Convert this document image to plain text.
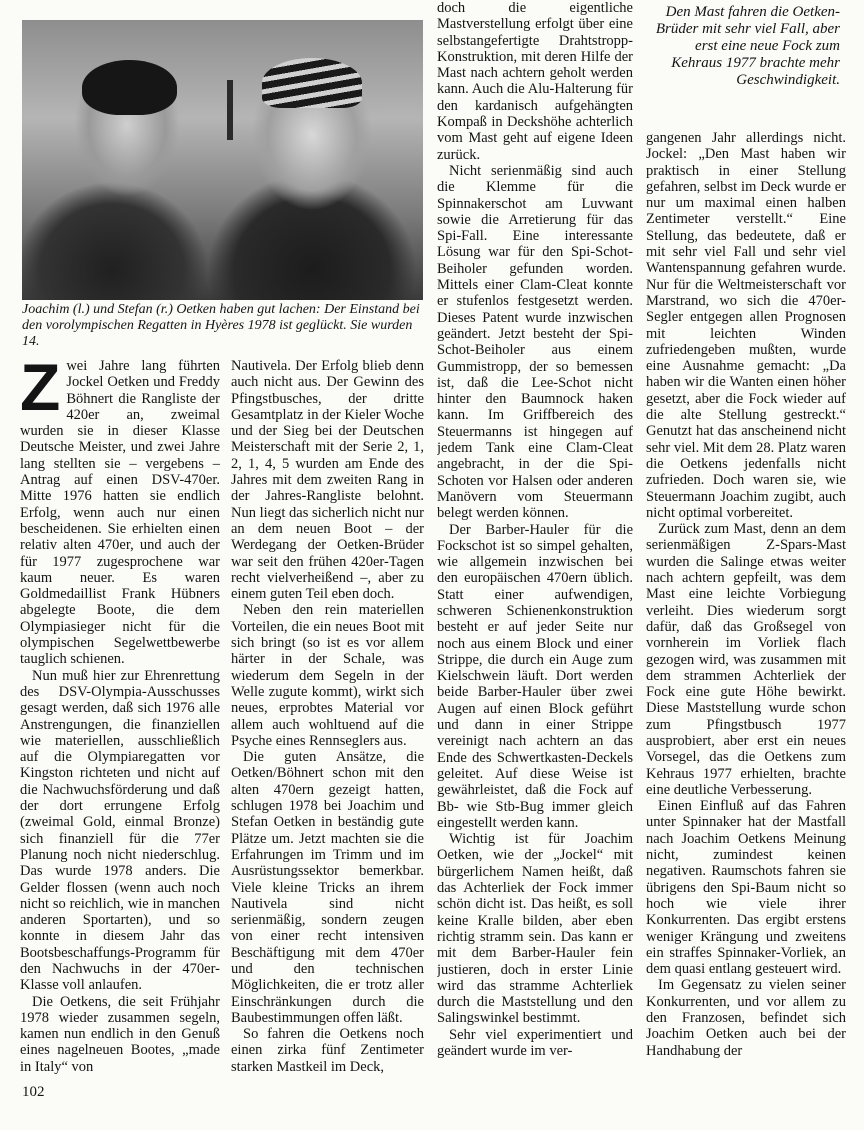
Joachim (l.) und Stefan (r.) Oetken haben gut lachen: Der Einstand bei den vorolympischen Regatten in Hyères 1978 ist geglückt. Sie wurden 14.

Den Mast fahren die Oetken-Brüder mit sehr viel Fall, aber erst eine neue Fock zum Kehraus 1977 brachte mehr Geschwindigkeit.

Z wei Jahre lang führten Jockel Oetken und Freddy Böhnert die Rangliste der 420er an, zweimal wurden sie in dieser Klasse Deutsche Meister, und zwei Jahre lang stellten sie – vergebens – Antrag auf einen DSV-470er. Mitte 1976 hatten sie endlich Erfolg, wenn auch nur einen bescheidenen. Sie erhielten einen relativ alten 470er, und auch der für 1977 zugesprochene war kaum neuer. Es waren Goldmedaillist Frank Hübners abgelegte Boote, die dem Olympiasieger nicht für die olympischen Segelwettbewerbe tauglich schienen.

Nun muß hier zur Ehrenrettung des DSV-Olympia-Ausschusses gesagt werden, daß sich 1976 alle Anstrengungen, die finanziellen wie materiellen, ausschließlich auf die Olympiaregatten vor Kingston richteten und nicht auf die Nachwuchsförderung und daß der dort errungene Erfolg (zweimal Gold, einmal Bronze) sich finanziell für die 77er Planung noch nicht niederschlug. Das wurde 1978 anders. Die Gelder flossen (wenn auch noch nicht so reichlich, wie in manchen anderen Sportarten), und so konnte in diesem Jahr das Bootsbeschaffungs-Programm für den Nachwuchs in der 470er-Klasse voll anlaufen.

Die Oetkens, die seit Frühjahr 1978 wieder zusammen segeln, kamen nun endlich in den Genuß eines nagelneuen Bootes, „made in Italy“ von

Nautivela. Der Erfolg blieb denn auch nicht aus. Der Gewinn des Pfingstbusches, der dritte Gesamtplatz in der Kieler Woche und der Sieg bei der Deutschen Meisterschaft mit der Serie 2, 1, 2, 1, 4, 5 wurden am Ende des Jahres mit dem zweiten Rang in der Jahres-Rangliste belohnt. Nun liegt das sicherlich nicht nur an dem neuen Boot – der Werdegang der Oetken-Brüder war seit den frühen 420er-Tagen recht vielverheißend –, aber zu einem guten Teil eben doch.

Neben den rein materiellen Vorteilen, die ein neues Boot mit sich bringt (so ist es vor allem härter in der Schale, was wiederum dem Segeln in der Welle zugute kommt), wirkt sich neues, erprobtes Material vor allem auch wohltuend auf die Psyche eines Rennseglers aus.

Die guten Ansätze, die Oetken/Böhnert schon mit den alten 470ern gezeigt hatten, schlugen 1978 bei Joachim und Stefan Oetken in beständig gute Plätze um. Jetzt machten sie die Erfahrungen im Trimm und im Ausrüstungssektor bemerkbar. Viele kleine Tricks an ihrem Nautivela sind nicht serienmäßig, sondern zeugen von einer recht intensiven Beschäftigung mit dem 470er und den technischen Möglichkeiten, die er trotz aller Einschränkungen durch die Baubestimmungen offen läßt.

So fahren die Oetkens noch einen zirka fünf Zentimeter starken Mastkeil im Deck,

doch die eigentliche Mastverstellung erfolgt über eine selbstangefertigte Drahtstropp-Konstruktion, mit deren Hilfe der Mast nach achtern geholt werden kann. Auch die Alu-Halterung für den kardanisch aufgehängten Kompaß in Deckshöhe achterlich vom Mast geht auf eigene Ideen zurück.

Nicht serienmäßig sind auch die Klemme für die Spinnakerschot am Luvwant sowie die Arretierung für das Spi-Fall. Eine interessante Lösung war für den Spi-Schot-Beiholer gefunden worden. Mittels einer Clam-Cleat konnte er stufenlos festgesetzt werden. Dieses Patent wurde inzwischen geändert. Jetzt besteht der Spi-Schot-Beiholer aus einem Gummistropp, der so bemessen ist, daß die Lee-Schot nicht hinter den Baumnock haken kann. Im Griffbereich des Steuermanns ist hingegen auf jedem Tank eine Clam-Cleat angebracht, in der die Spi-Schoten vor Halsen oder anderen Manövern vom Steuermann belegt werden können.

Der Barber-Hauler für die Fockschot ist so simpel gehalten, wie allgemein inzwischen bei den europäischen 470ern üblich. Statt einer aufwendigen, schweren Schienenkonstruktion besteht er auf jeder Seite nur noch aus einem Block und einer Strippe, die durch ein Auge zum Kielschwein läuft. Dort werden beide Barber-Hauler über zwei Augen auf einen Block geführt und dann in einer Strippe vereinigt nach achtern an das Ende des Schwertkasten-Deckels geleitet. Auf diese Weise ist gewährleistet, daß die Fock auf Bb- wie Stb-Bug immer gleich eingestellt werden kann.

Wichtig ist für Joachim Oetken, wie der „Jockel“ mit bürgerlichem Namen heißt, daß das Achterliek der Fock immer schön dicht ist. Das heißt, es soll keine Kralle bilden, aber eben richtig stramm sein. Das kann er mit dem Barber-Hauler fein justieren, doch in erster Linie wird das stramme Achterliek durch die Maststellung und den Salingswinkel bestimmt.

Sehr viel experimentiert und geändert wurde im ver-

gangenen Jahr allerdings nicht. Jockel: „Den Mast haben wir praktisch in einer Stellung gefahren, selbst im Deck wurde er nur um maximal einen halben Zentimeter verstellt.“ Eine Stellung, das bedeutete, daß er mit sehr viel Fall und sehr viel Wantenspannung gefahren wurde. Nur für die Weltmeisterschaft vor Marstrand, wo sich die 470er-Segler entgegen allen Prognosen mit leichten Winden zufriedengeben mußten, wurde eine Ausnahme gemacht: „Da haben wir die Wanten einen höher gesetzt, aber die Fock wieder auf die alte Stellung gestreckt.“ Genutzt hat das anscheinend nicht sehr viel. Mit dem 28. Platz waren die Oetkens jedenfalls nicht zufrieden. Doch waren sie, wie Steuermann Joachim zugibt, auch nicht optimal vorbereitet.

Zurück zum Mast, denn an dem serienmäßigen Z-Spars-Mast wurden die Salinge etwas weiter nach achtern gepfeilt, was dem Mast eine leichte Vorbiegung verleiht. Dies wiederum sorgt dafür, daß das Großsegel von vornherein im Vorliek flach gezogen wird, was zusammen mit dem strammen Achterliek der Fock eine gute Höhe bewirkt. Diese Maststellung wurde schon zum Pfingstbusch 1977 ausprobiert, aber erst ein neues Vorsegel, das die Oetkens zum Kehraus 1977 erhielten, brachte eine deutliche Verbesserung.

Einen Einfluß auf das Fahren unter Spinnaker hat der Mastfall nach Joachim Oetkens Meinung nicht, zumindest keinen negativen. Raumschots fahren sie übrigens den Spi-Baum nicht so hoch wie viele ihrer Konkurrenten. Das ergibt erstens weniger Krängung und zweitens ein straffes Spinnaker-Vorliek, an dem quasi entlang gesteuert wird.

Im Gegensatz zu vielen seiner Konkurrenten, und vor allem zu den Franzosen, befindet sich Joachim Oetken auch bei der Handhabung der

102
